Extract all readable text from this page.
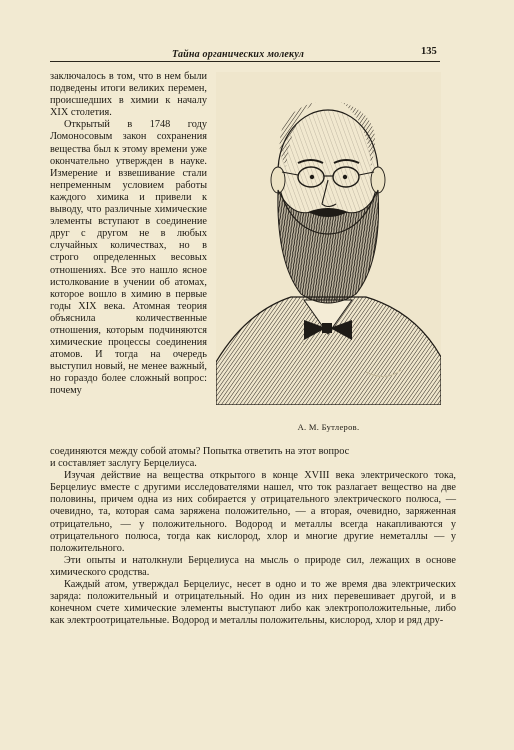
Тайна органических молекул	135
А. М. Бутлеров.

заключалось в том, что в нем были подведены итоги великих перемен, происшедших в химии к началу XIX столетия.

Открытый в 1748 году Ломоносовым закон сохранения вещества был к этому времени уже окончательно утвержден в науке. Измерение и взвешивание стали непременным условием работы каждого химика и привели к выводу, что различные химические элементы вступают в соединение друг с другом не в любых случайных количествах, но в строго определенных весовых отношениях. Все это нашло ясное истолкование в учении об атомах, которое вошло в химию в первые годы XIX века. Атомная теория объяснила количественные отношения, которым подчиняются химические процессы соединения атомов. И тогда на очередь выступил новый, не менее важный, но гораздо более сложный вопрос: почему

соединяются между собой атомы? Попытка ответить на этот вопрос

и составляет заслугу Берцелиуса.

Изучая действие на вещества открытого в конце XVIII века электрического тока, Берцелиус вместе с другими исследователями нашел, что ток разлагает вещество на две половины, причем одна из них собирается у отрицательного электрического полюса, — очевидно, та, которая сама заряжена положительно, — а вторая, очевидно, заряженная отрицательно, — у положительного. Водород и металлы всегда накапливаются у отрицательного полюса, тогда как кислород, хлор и многие другие неметаллы — у положительного.

Эти опыты и натолкнули Берцелиуса на мысль о природе сил, лежащих в основе химического сродства.

Каждый атом, утверждал Берцелиус, несет в одно и то же время два электрических заряда: положительный и отрицательный. Но один из них перевешивает другой, и в конечном счете химические элементы выступают либо как электроположительные, либо как электроотрицательные. Водород и металлы положительны, кислород, хлор и ряд дру-
